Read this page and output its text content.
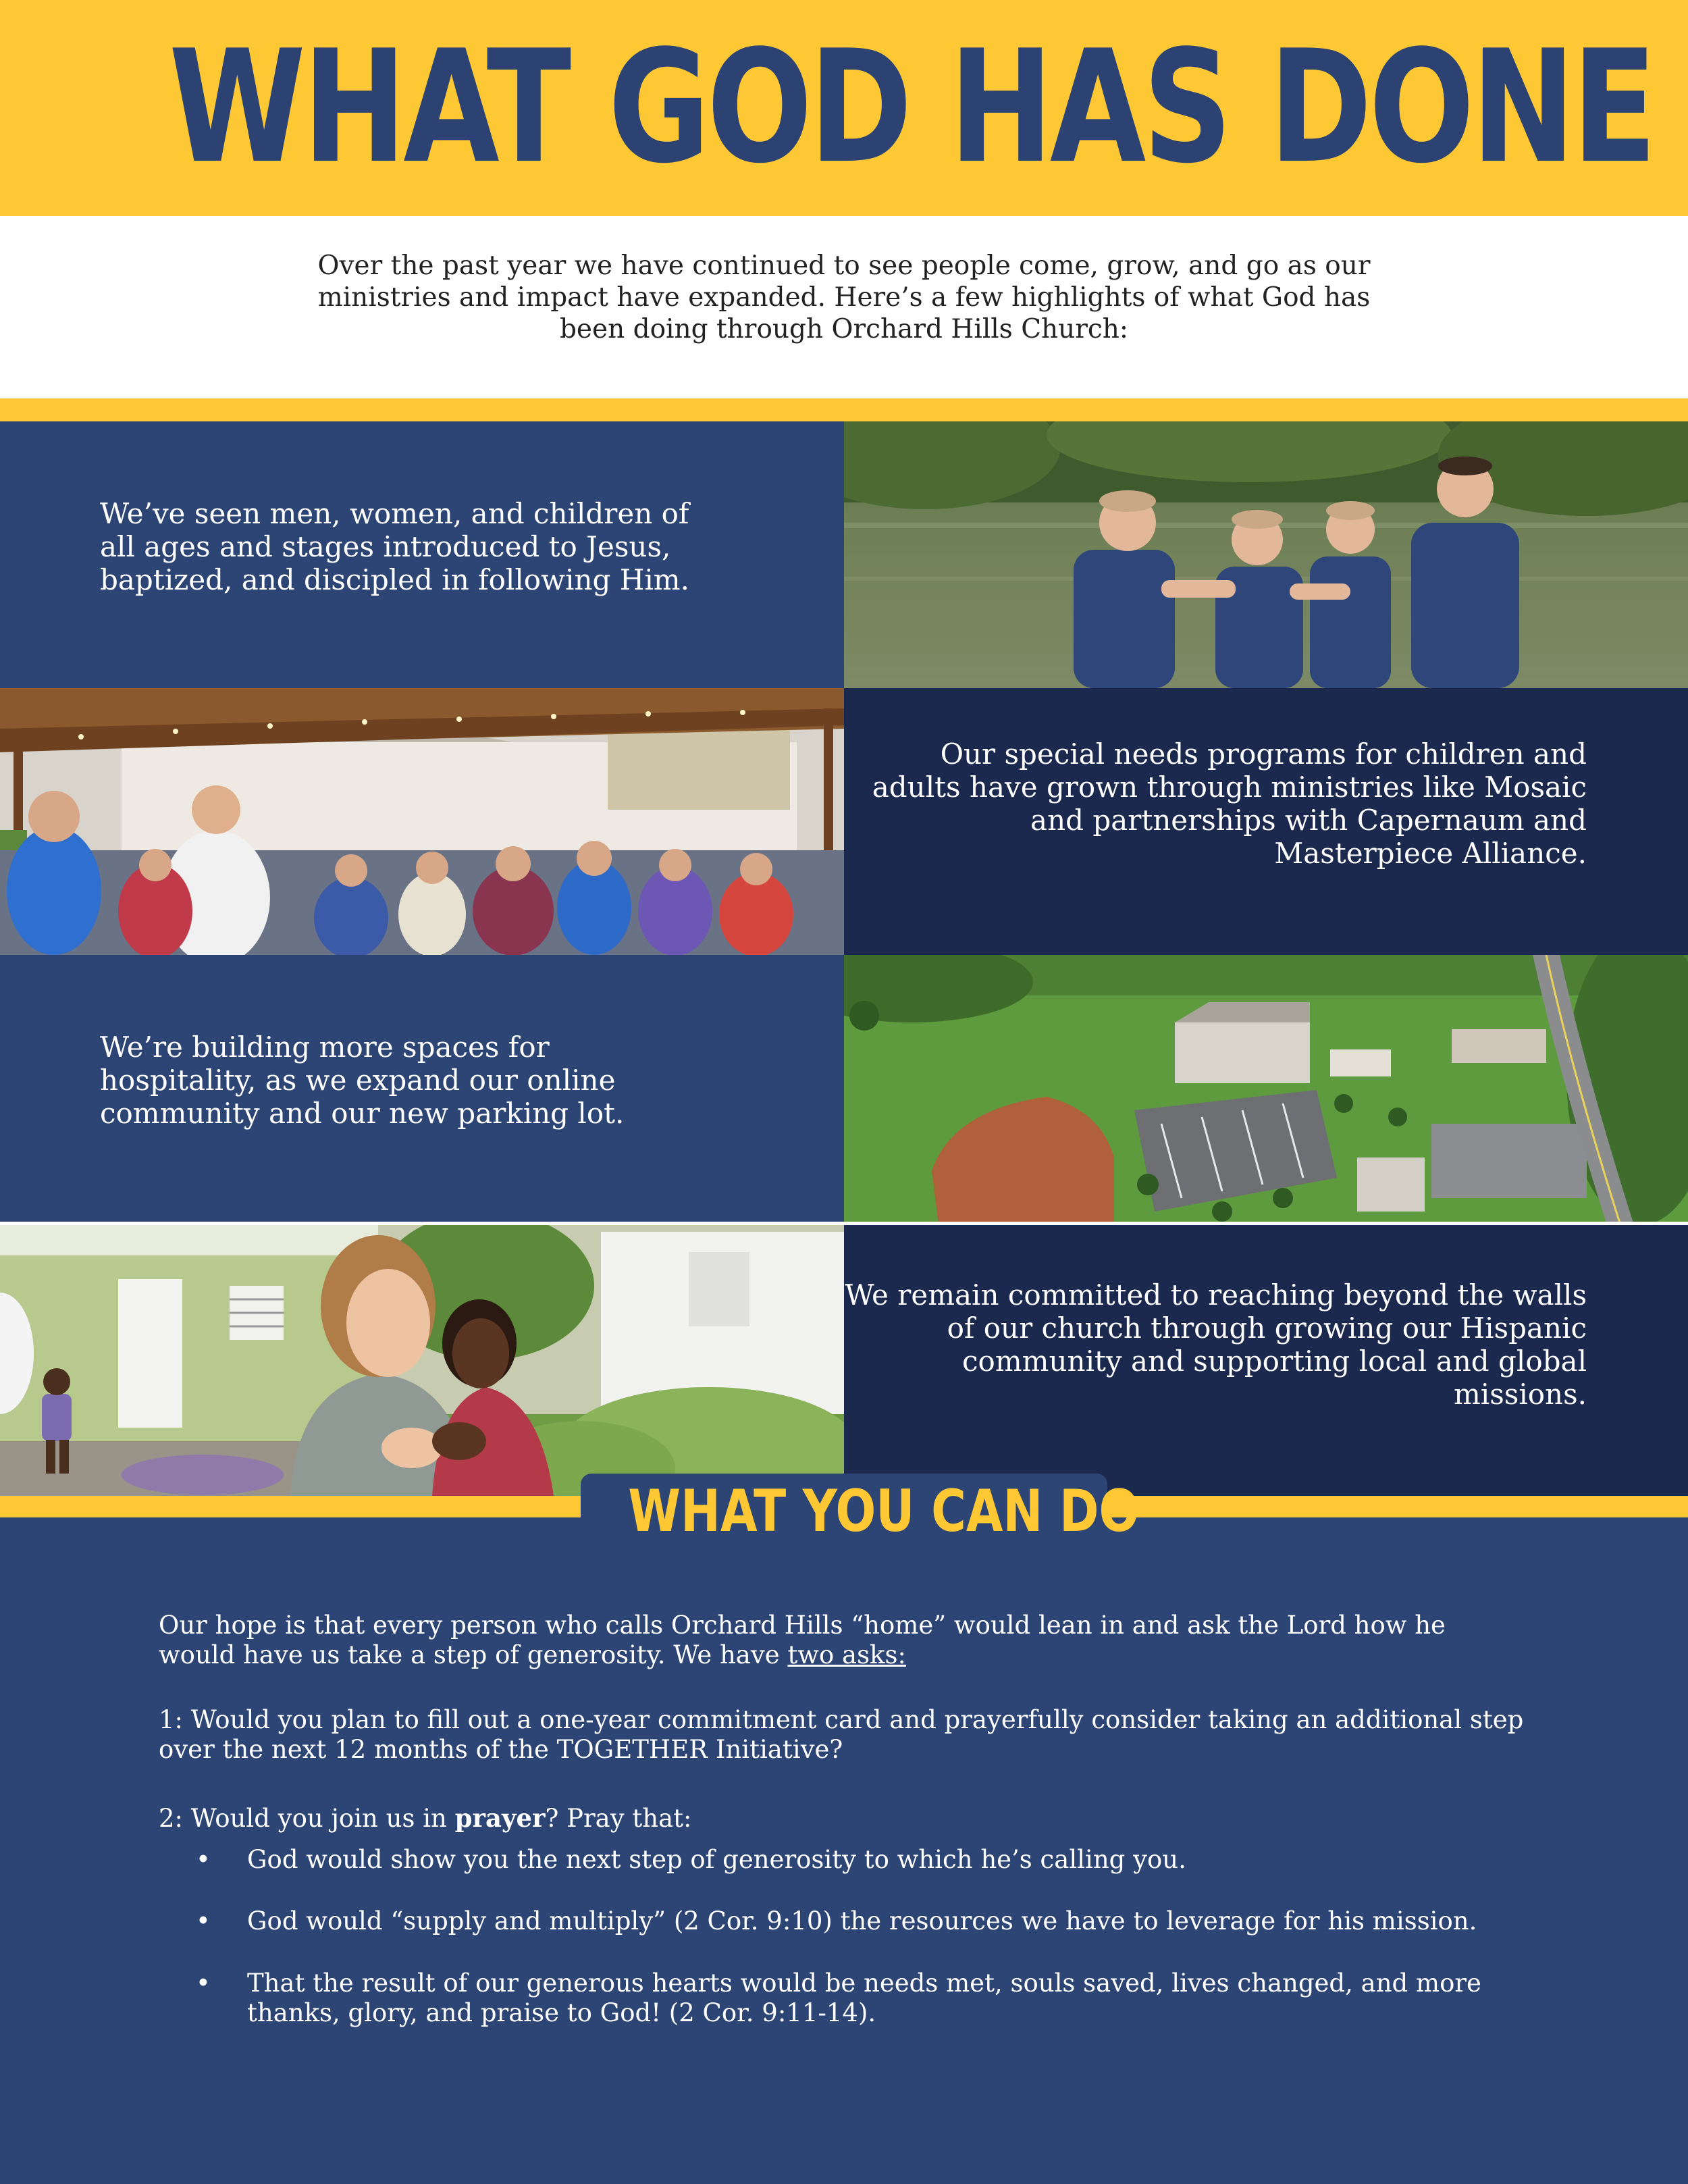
WHAT GOD HAS DONE
Over the past year we have continued to see people come, grow, and go as our ministries and impact have expanded. Here’s a few highlights of what God has been doing through Orchard Hills Church:
We’ve seen men, women, and children of all ages and stages introduced to Jesus, baptized, and discipled in following Him.
Our special needs programs for children and adults have grown through ministries like Mosaic and partnerships with Capernaum and Masterpiece Alliance.
We’re building more spaces for hospitality, as we expand our online community and our new parking lot.
We remain committed to reaching beyond the walls of our church through growing our Hispanic community and supporting local and global missions.
WHAT YOU CAN DO
Our hope is that every person who calls Orchard Hills “home” would lean in and ask the Lord how he would have us take a step of generosity. We have two asks:
1: Would you plan to fill out a one-year commitment card and prayerfully consider taking an additional step over the next 12 months of the TOGETHER Initiative?
2: Would you join us in prayer? Pray that:
• God would show you the next step of generosity to which he’s calling you.
• God would “supply and multiply” (2 Cor. 9:10) the resources we have to leverage for his mission.
• That the result of our generous hearts would be needs met, souls saved, lives changed, and more thanks, glory, and praise to God! (2 Cor. 9:11-14).
